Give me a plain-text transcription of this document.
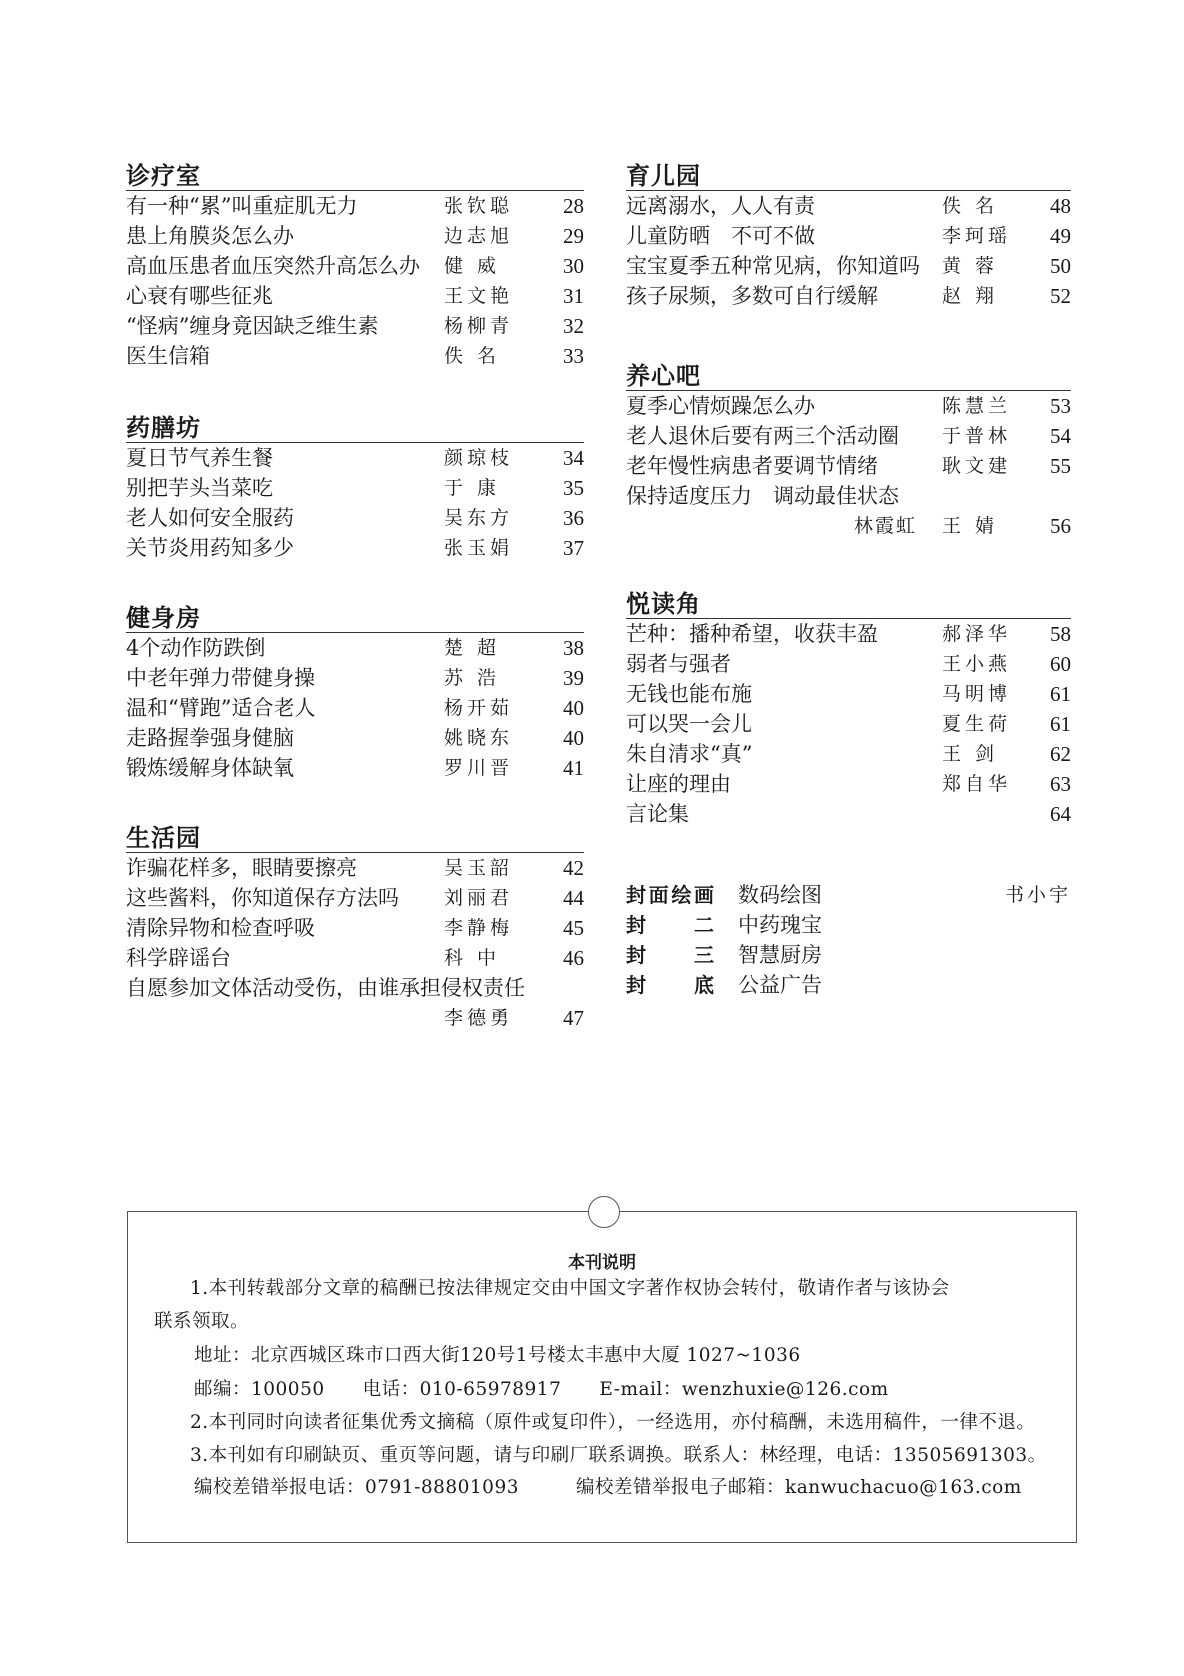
诊疗室
有一种“累”叫重症肌无力	张钦聪 28
患上角膜炎怎么办	边志旭 29
高血压患者血压突然升高怎么办 健 威	30
心衰有哪些征兆	王文艳 31
“怪病”缠身竟因缺乏维生素	杨柳青 32
医生信箱	佚 名	33
药膳坊
夏日节气养生餐	颜琼枝 34
别把芋头当菜吃	于 康	35
老人如何安全服药	吴东方 36
关节炎用药知多少	张玉娟 37
健身房
4个动作防跌倒	楚 超	38
中老年弹力带健身操	苏 浩	39
温和“臂跑”适合老人	杨开茹 40
走路握拳强身健脑	姚晓东 40
锻炼缓解身体缺氧	罗川晋 41
生活园
诈骗花样多，眼睛要擦亮	吴玉韶 42
这些酱料，你知道保存方法吗 刘丽君 44
清除异物和检查呼吸	李静梅 45
科学辟谣台	科 中	46
自愿参加文体活动受伤，由谁承担侵权责任
李德勇 47
育儿园
远离溺水，人人有责	佚 名 48
儿童防晒　不可不做	李珂瑶 49
宝宝夏季五种常见病，你知道吗 黄 蓉 50
孩子尿频，多数可自行缓解	赵 翔 52
养心吧
夏季心情烦躁怎么办	陈慧兰 53
老人退休后要有两三个活动圈 于普林 54
老年慢性病患者要调节情绪	耿文建 55
保持适度压力　调动最佳状态
林霞虹 王 婧 56
悦读角
芒种：播种希望，收获丰盈	郝泽华 58
弱者与强者	王小燕 60
无钱也能布施	马明博 61
可以哭一会儿	夏生荷 61
朱自清求“真”	王 剑 62
让座的理由	郑自华 63
言论集	64
封面绘画 数码绘图	书小宇
封二 中药瑰宝
封三 智慧厨房
封底 公益广告
本刊说明
1.本刊转载部分文章的稿酬已按法律规定交由中国文字著作权协会转付，敬请作者与该协会
联系领取。
地址：北京西城区珠市口西大街120号1号楼太丰惠中大厦 1027~1036
邮编：100050　　电话：010-65978917　　E-mail：wenzhuxie@126.com
2.本刊同时向读者征集优秀文摘稿（原件或复印件），一经选用，亦付稿酬，未选用稿件，一律不退。
3.本刊如有印刷缺页、重页等问题，请与印刷厂联系调换。联系人：林经理，电话：13505691303。
编校差错举报电话：0791-88801093　　　编校差错举报电子邮箱：kanwuchacuo@163.com
